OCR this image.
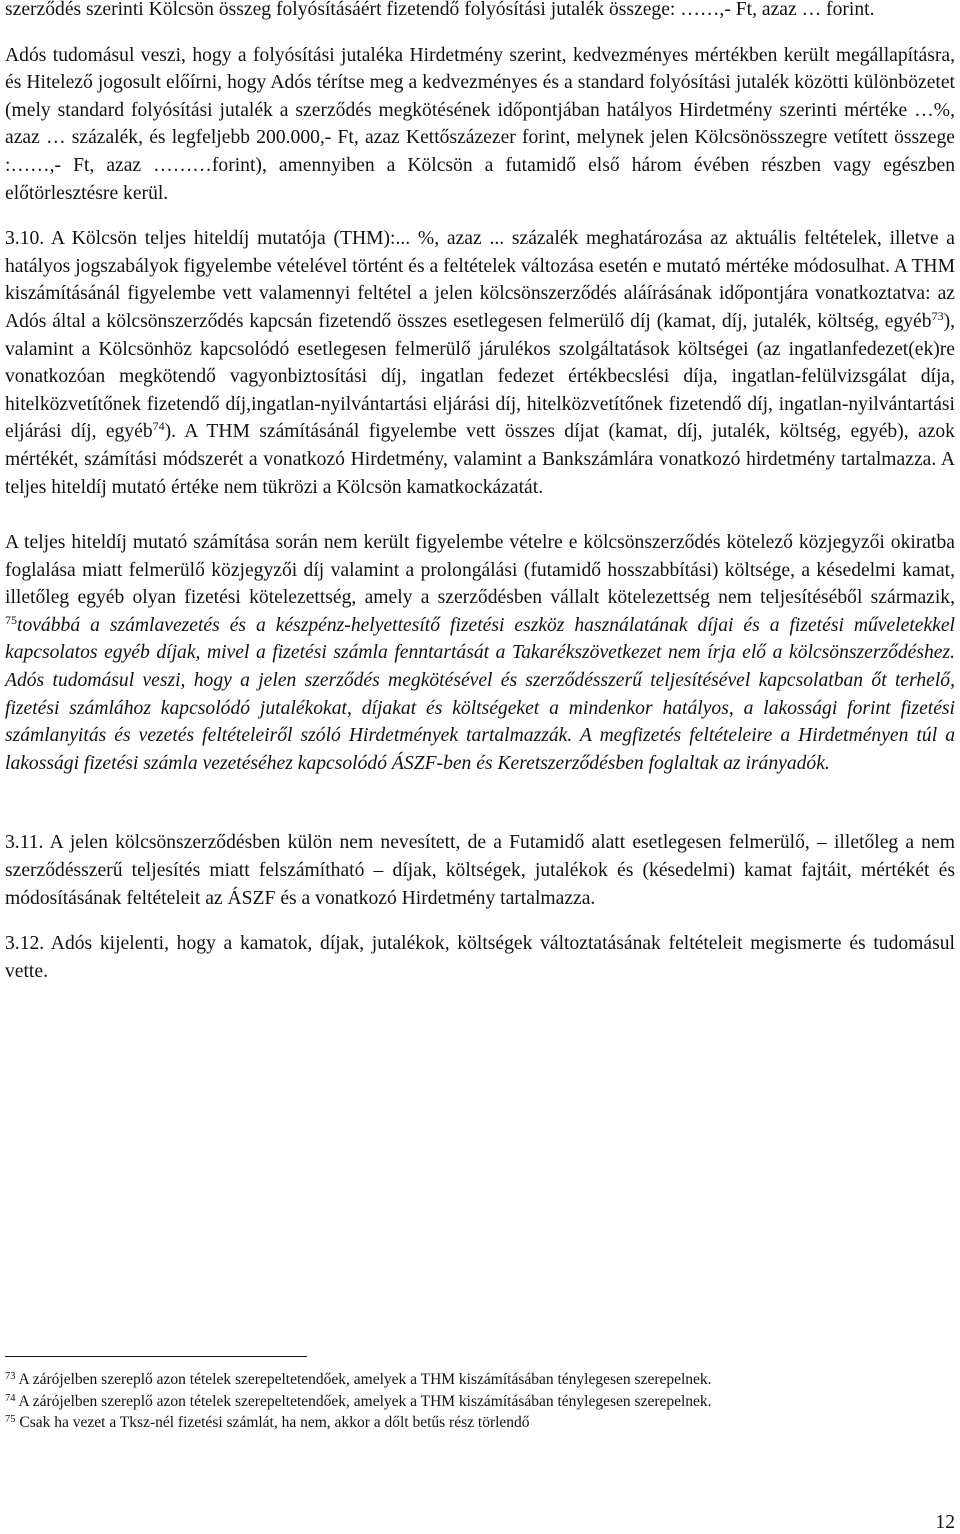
szerződés szerinti Kölcsön összeg folyósításáért fizetendő folyósítási jutalék összege: ……,- Ft, azaz … forint.

Adós tudomásul veszi, hogy a folyósítási jutaléka Hirdetmény szerint, kedvezményes mértékben került megállapításra, és Hitelező jogosult előírni, hogy Adós térítse meg a kedvezményes és a standard folyósítási jutalék közötti különbözetet (mely standard folyósítási jutalék a szerződés megkötésének időpontjában hatályos Hirdetmény szerinti mértéke …%, azaz … százalék, és legfeljebb 200.000,- Ft, azaz Kettőszázezer forint, melynek jelen Kölcsönösszegre vetített összege :……,- Ft, azaz ………forint), amennyiben a Kölcsön a futamidő első három évében részben vagy egészben előtörlesztésre kerül.

3.10. A Kölcsön teljes hiteldíj mutatója (THM):... %, azaz ... százalék meghatározása az aktuális feltételek, illetve a hatályos jogszabályok figyelembe vételével történt és a feltételek változása esetén e mutató mértéke módosulhat. A THM kiszámításánál figyelembe vett valamennyi feltétel a jelen kölcsönszerződés aláírásának időpontjára vonatkoztatva: az Adós által a kölcsönszerződés kapcsán fizetendő összes esetlegesen felmerülő díj (kamat, díj, jutalék, költség, egyéb$^{73}$), valamint a Kölcsönhöz kapcsolódó esetlegesen felmerülő járulékos szolgáltatások költségei (az ingatlanfedezet(ek)re vonatkozóan megkötendő vagyonbiztosítási díj, ingatlan fedezet értékbecslési díja, ingatlan-felülvizsgálat díja, hitelközvetítőnek fizetendő díj,ingatlan-nyilvántartási eljárási díj, hitelközvetítőnek fizetendő díj, ingatlan-nyilvántartási eljárási díj, egyéb$^{74}$). A THM számításánál figyelembe vett összes díjat (kamat, díj, jutalék, költség, egyéb), azok mértékét, számítási módszerét a vonatkozó Hirdetmény, valamint a Bankszámlára vonatkozó hirdetmény tartalmazza. A teljes hiteldíj mutató értéke nem tükrözi a Kölcsön kamatkockázatát.

A teljes hiteldíj mutató számítása során nem került figyelembe vételre e kölcsönszerződés kötelező közjegyzői okiratba foglalása miatt felmerülő közjegyzői díj valamint a prolongálási (futamidő hosszabbítási) költsége, a késedelmi kamat, illetőleg egyéb olyan fizetési kötelezettség, amely a szerződésben vállalt kötelezettség nem teljesítéséből származik, $^{75}$továbbá a számlavezetés és a készpénz-helyettesítő fizetési eszköz használatának díjai és a fizetési műveletekkel kapcsolatos egyéb díjak, mivel a fizetési számla fenntartását a Takarékszövetkezet nem írja elő a kölcsönszerződéshez. Adós tudomásul veszi, hogy a jelen szerződés megkötésével és szerződésszerű teljesítésével kapcsolatban őt terhelő, fizetési számlához kapcsolódó jutalékokat, díjakat és költségeket a mindenkor hatályos, a lakossági forint fizetési számlanyitás és vezetés feltételeiről szóló Hirdetmények tartalmazzák. A megfizetés feltételeire a Hirdetményen túl a lakossági fizetési számla vezetéséhez kapcsolódó ÁSZF-ben és Keretszerződésben foglaltak az irányadók.

3.11. A jelen kölcsönszerződésben külön nem nevesített, de a Futamidő alatt esetlegesen felmerülő, – illetőleg a nem szerződésszerű teljesítés miatt felszámítható – díjak, költségek, jutalékok és (késedelmi) kamat fajtáit, mértékét és módosításának feltételeit az ÁSZF és a vonatkozó Hirdetmény tartalmazza.

3.12. Adós kijelenti, hogy a kamatok, díjak, jutalékok, költségek változtatásának feltételeit megismerte és tudomásul vette.

$^{73}$ A zárójelben szereplő azon tételek szerepeltetendőek, amelyek a THM kiszámításában ténylegesen szerepelnek.
$^{74}$ A zárójelben szereplő azon tételek szerepeltetendőek, amelyek a THM kiszámításában ténylegesen szerepelnek.
$^{75}$ Csak ha vezet a Tksz-nél fizetési számlát, ha nem, akkor a dőlt betűs rész törlendő
12
